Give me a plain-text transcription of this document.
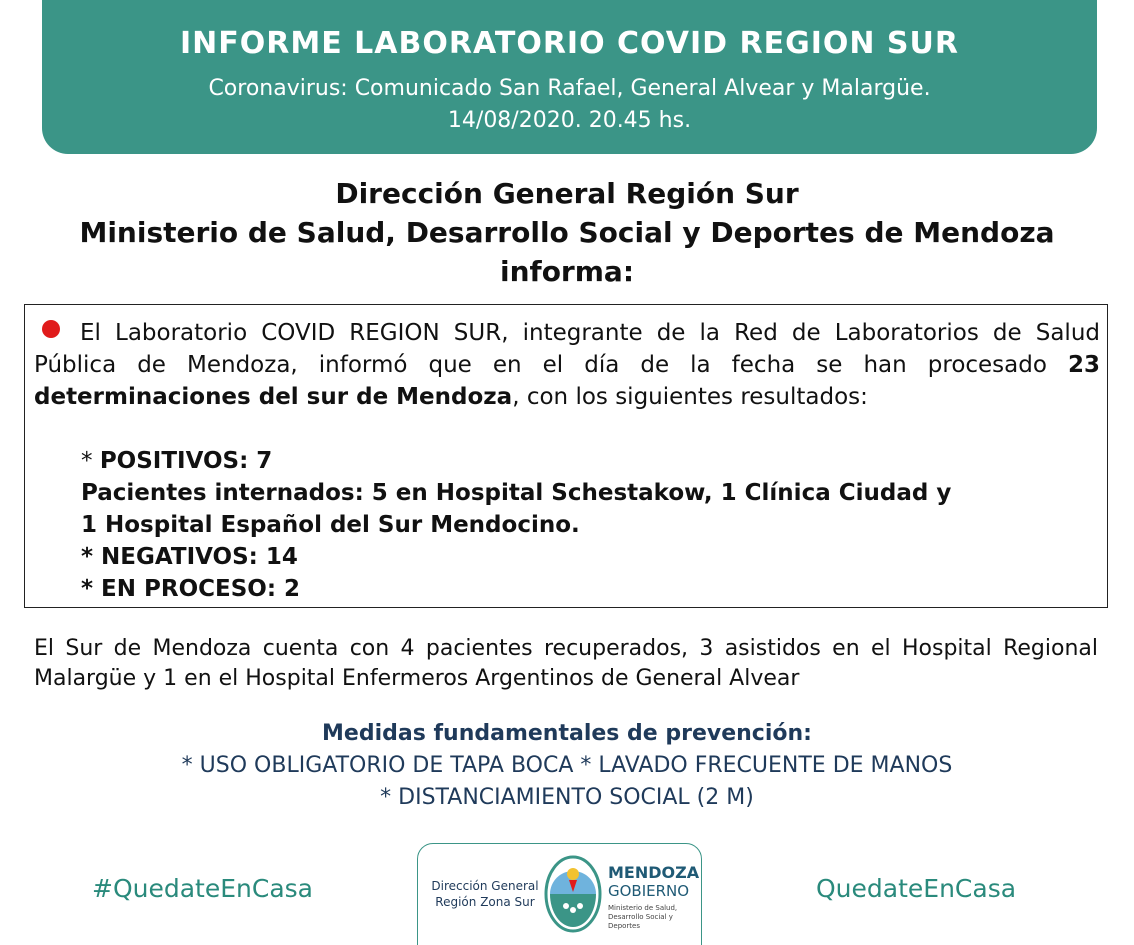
INFORME LABORATORIO COVID REGION SUR
Coronavirus: Comunicado San Rafael, General Alvear y Malargüe.
14/08/2020. 20.45 hs.
Dirección General Región Sur
Ministerio de Salud, Desarrollo Social y Deportes de Mendoza
informa:
El Laboratorio COVID REGION SUR, integrante de la Red de Laboratorios de Salud Pública de Mendoza, informó que en el día de la fecha se han procesado 23 determinaciones del sur de Mendoza, con los siguientes resultados:
* POSITIVOS: 7
Pacientes internados: 5 en Hospital Schestakow, 1 Clínica Ciudad y
1 Hospital Español del Sur Mendocino.
* NEGATIVOS: 14
* EN PROCESO: 2
El Sur de Mendoza cuenta con 4 pacientes recuperados, 3 asistidos en el Hospital Regional Malargüe y 1 en el Hospital Enfermeros Argentinos de General Alvear
Medidas fundamentales de prevención:
* USO OBLIGATORIO DE TAPA BOCA * LAVADO FRECUENTE DE MANOS
* DISTANCIAMIENTO SOCIAL (2 M)
#QuedateEnCasa	QuedateEnCasa
Dirección General
Región Zona Sur
MENDOZA
GOBIERNO
Ministerio de Salud,
Desarrollo Social y Deportes
